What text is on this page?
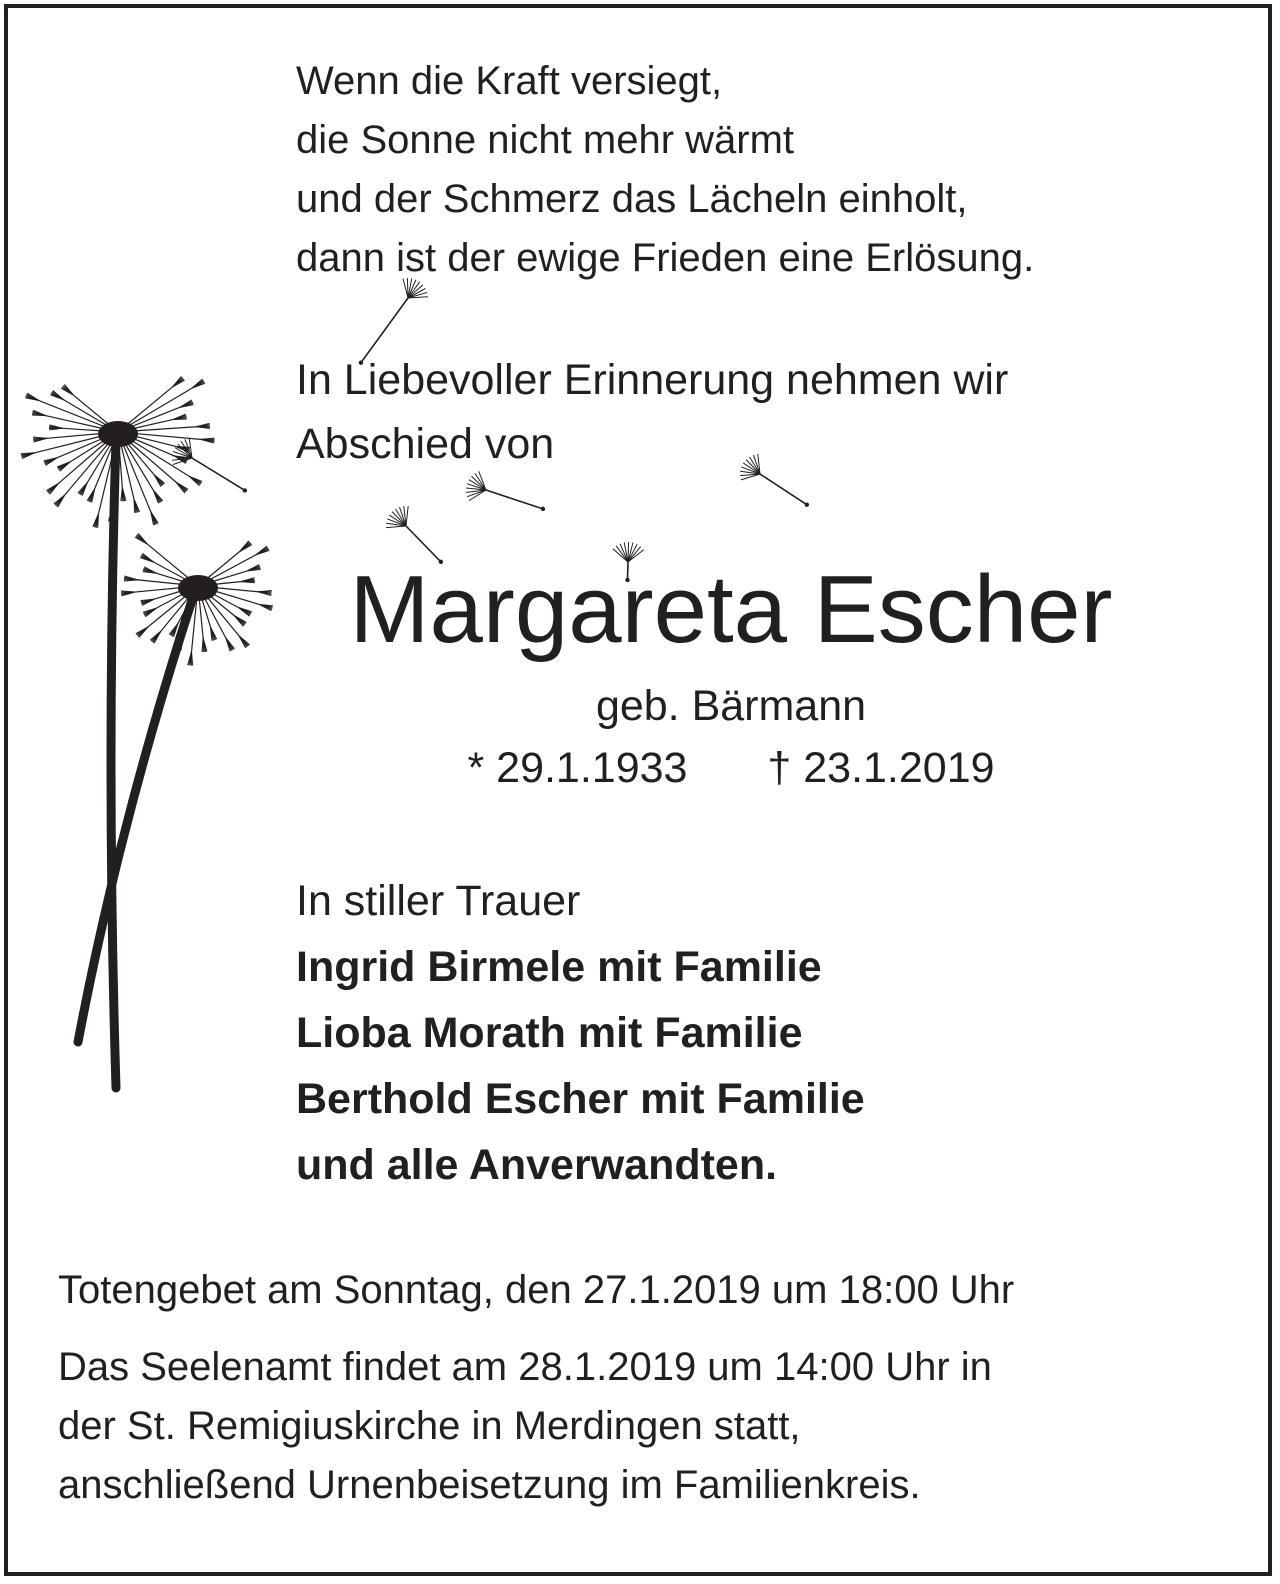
Wenn die Kraft versiegt,
die Sonne nicht mehr wärmt
und der Schmerz das Lächeln einholt,
dann ist der ewige Frieden eine Erlösung.
In Liebevoller Erinnerung nehmen wir
Abschied von
Margareta Escher
geb. Bärmann
* 29.1.1933 † 23.1.2019
In stiller Trauer
Ingrid Birmele mit Familie
Lioba Morath mit Familie
Berthold Escher mit Familie
und alle Anverwandten.
Totengebet am Sonntag, den 27.1.2019 um 18:00 Uhr
Das Seelenamt findet am 28.1.2019 um 14:00 Uhr in
der St. Remigiuskirche in Merdingen statt,
anschließend Urnenbeisetzung im Familienkreis.
